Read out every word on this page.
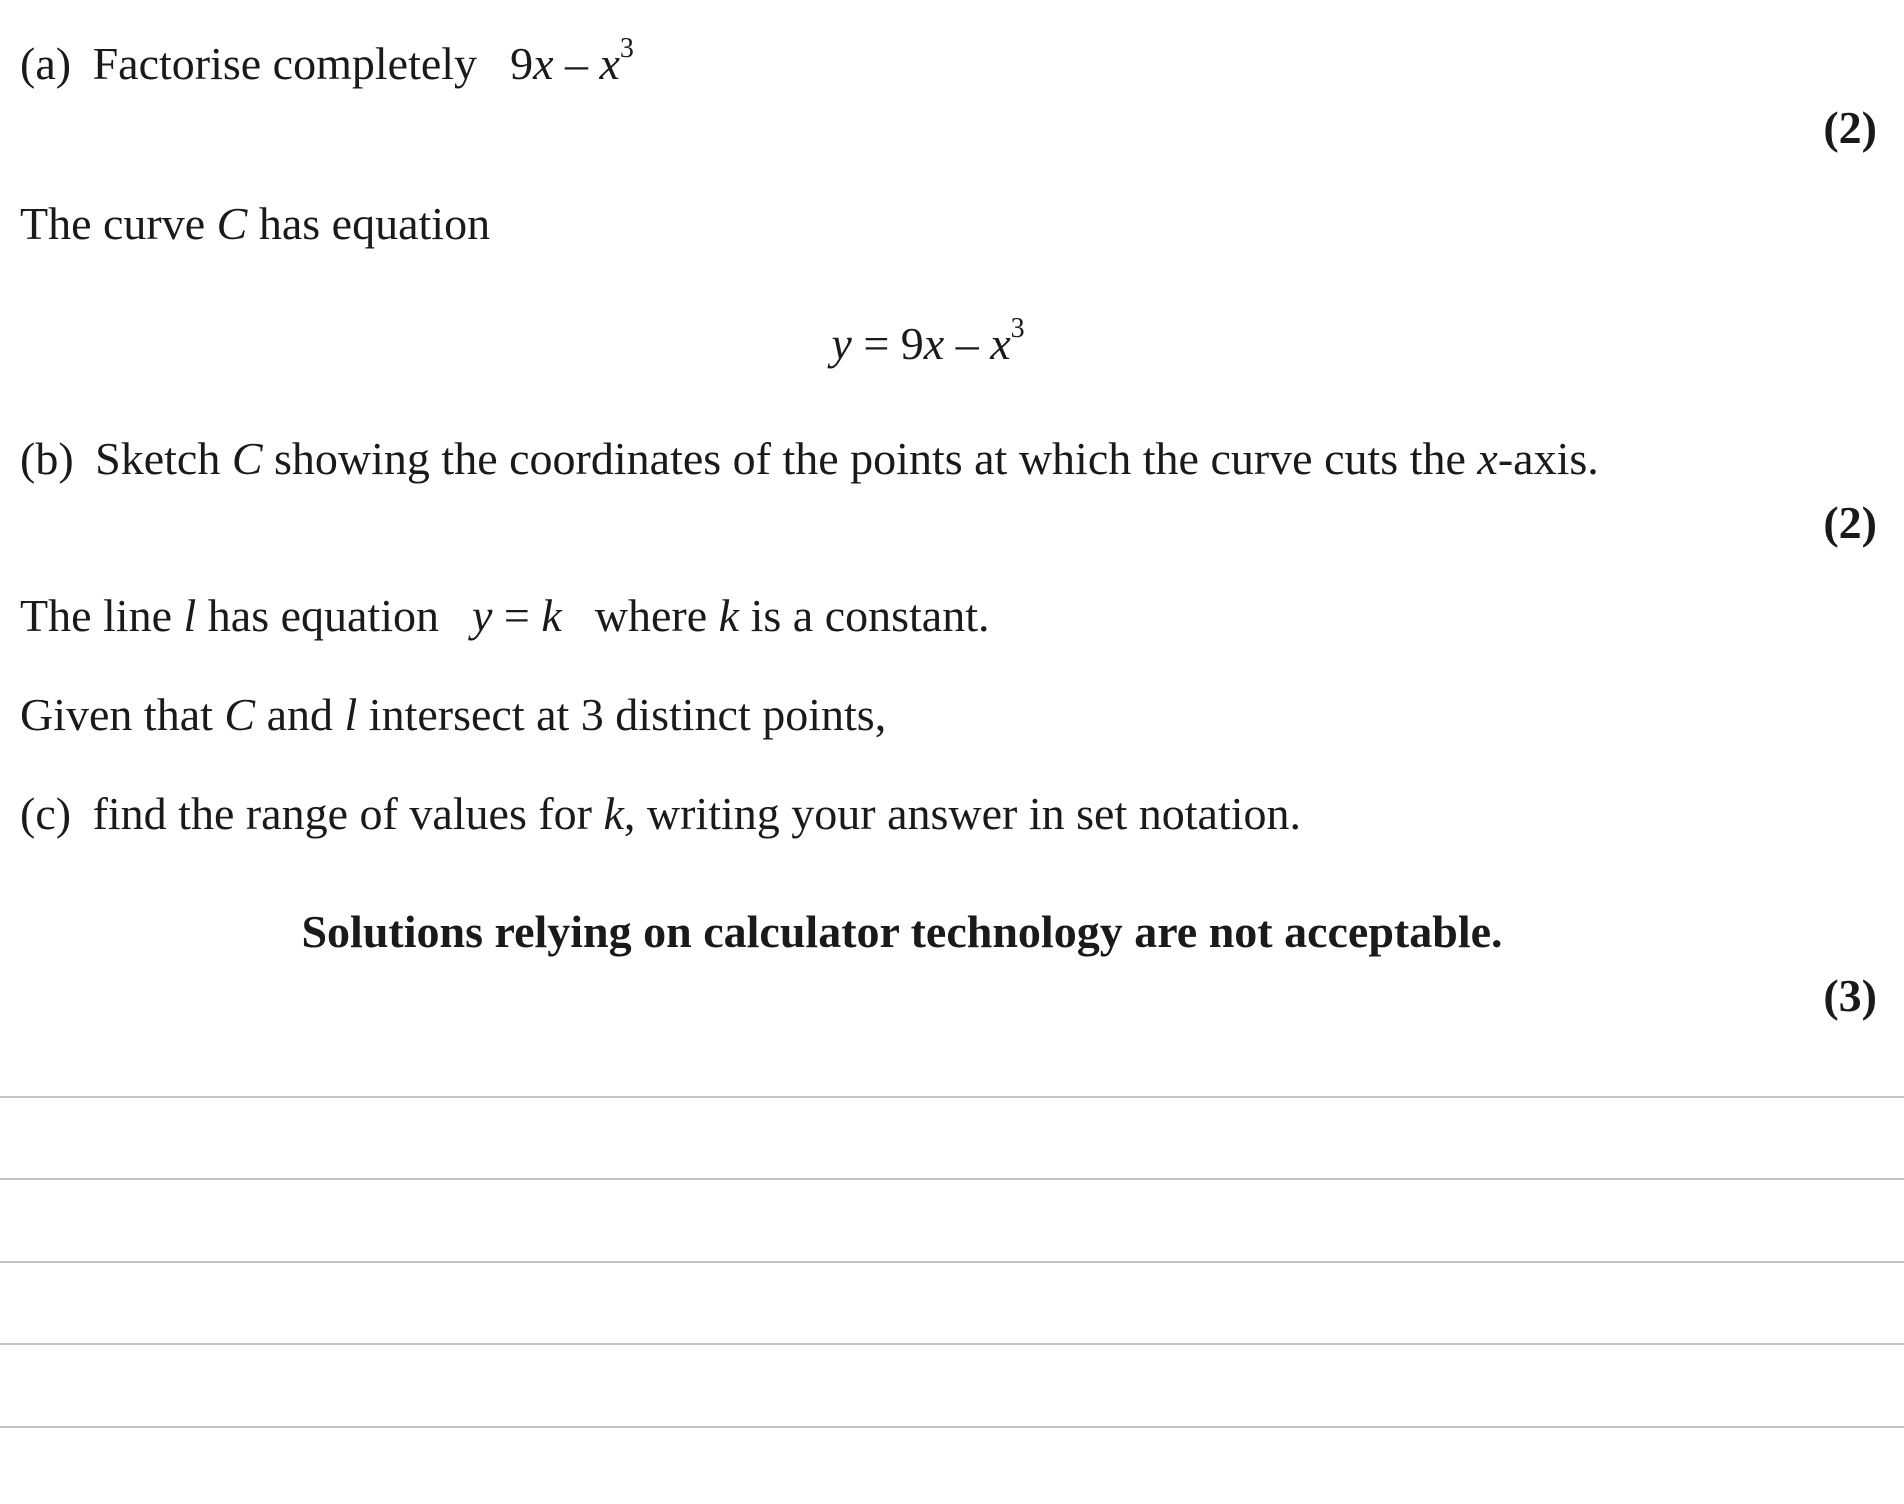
(a) Factorise completely $9x - x^3$
(2)
The curve C has equation
$y = 9x - x^3$
(b) Sketch C showing the coordinates of the points at which the curve cuts the x-axis.
(2)
The line l has equation y = k where k is a constant.
Given that C and l intersect at 3 distinct points,
(c) find the range of values for k, writing your answer in set notation.
Solutions relying on calculator technology are not acceptable.
(3)
